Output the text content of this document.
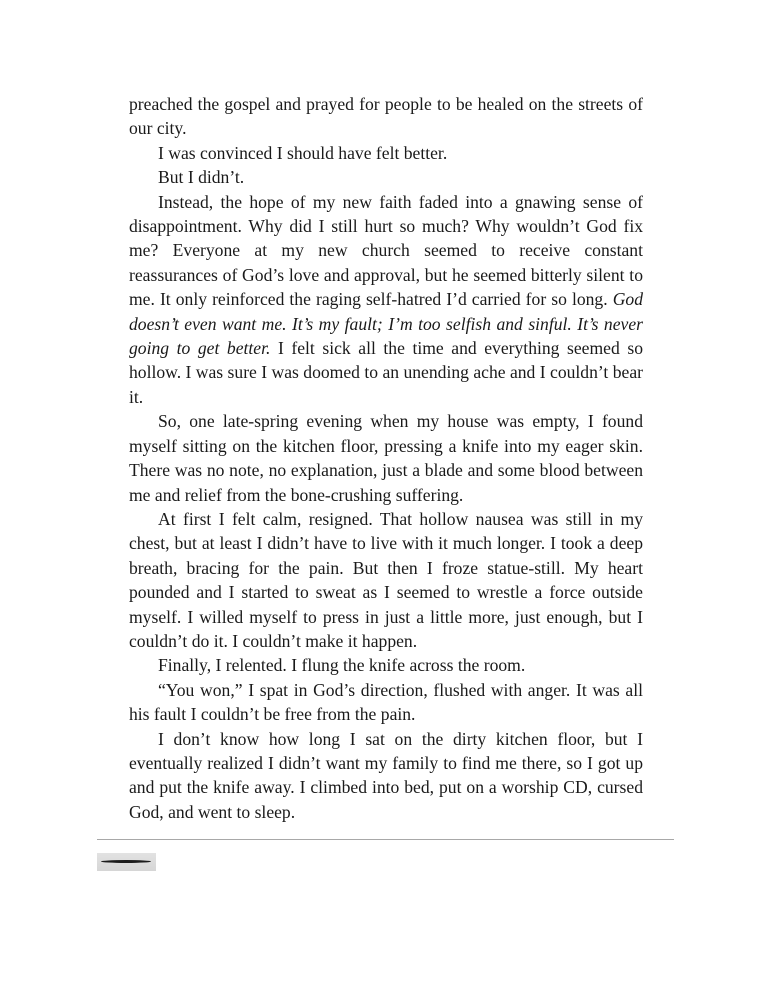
preached the gospel and prayed for people to be healed on the streets of our city.

I was convinced I should have felt better.

But I didn’t.

Instead, the hope of my new faith faded into a gnawing sense of disappointment. Why did I still hurt so much? Why wouldn’t God fix me? Everyone at my new church seemed to receive constant reassurances of God’s love and approval, but he seemed bitterly silent to me. It only reinforced the raging self-hatred I’d carried for so long. God doesn’t even want me. It’s my fault; I’m too selfish and sinful. It’s never going to get better. I felt sick all the time and everything seemed so hollow. I was sure I was doomed to an unending ache and I couldn’t bear it.

So, one late-spring evening when my house was empty, I found myself sitting on the kitchen floor, pressing a knife into my eager skin. There was no note, no explanation, just a blade and some blood between me and relief from the bone-crushing suffering.

At first I felt calm, resigned. That hollow nausea was still in my chest, but at least I didn’t have to live with it much longer. I took a deep breath, bracing for the pain. But then I froze statue-still. My heart pounded and I started to sweat as I seemed to wrestle a force outside myself. I willed myself to press in just a little more, just enough, but I couldn’t do it. I couldn’t make it happen.

Finally, I relented. I flung the knife across the room.

“You won,” I spat in God’s direction, flushed with anger. It was all his fault I couldn’t be free from the pain.

I don’t know how long I sat on the dirty kitchen floor, but I eventually realized I didn’t want my family to find me there, so I got up and put the knife away. I climbed into bed, put on a worship CD, cursed God, and went to sleep.
